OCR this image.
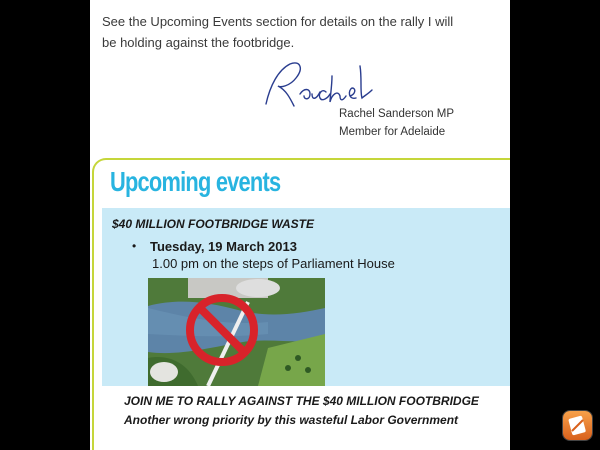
See the Upcoming Events section for details on the rally I will
be holding against the footbridge.
Rachel Sanderson MP
Member for Adelaide
Upcoming events
$40 MILLION FOOTBRIDGE WASTE
• Tuesday, 19 March 2013
1.00 pm on the steps of Parliament House
JOIN ME TO RALLY AGAINST THE $40 MILLION FOOTBRIDGE
Another wrong priority by this wasteful Labor Government
